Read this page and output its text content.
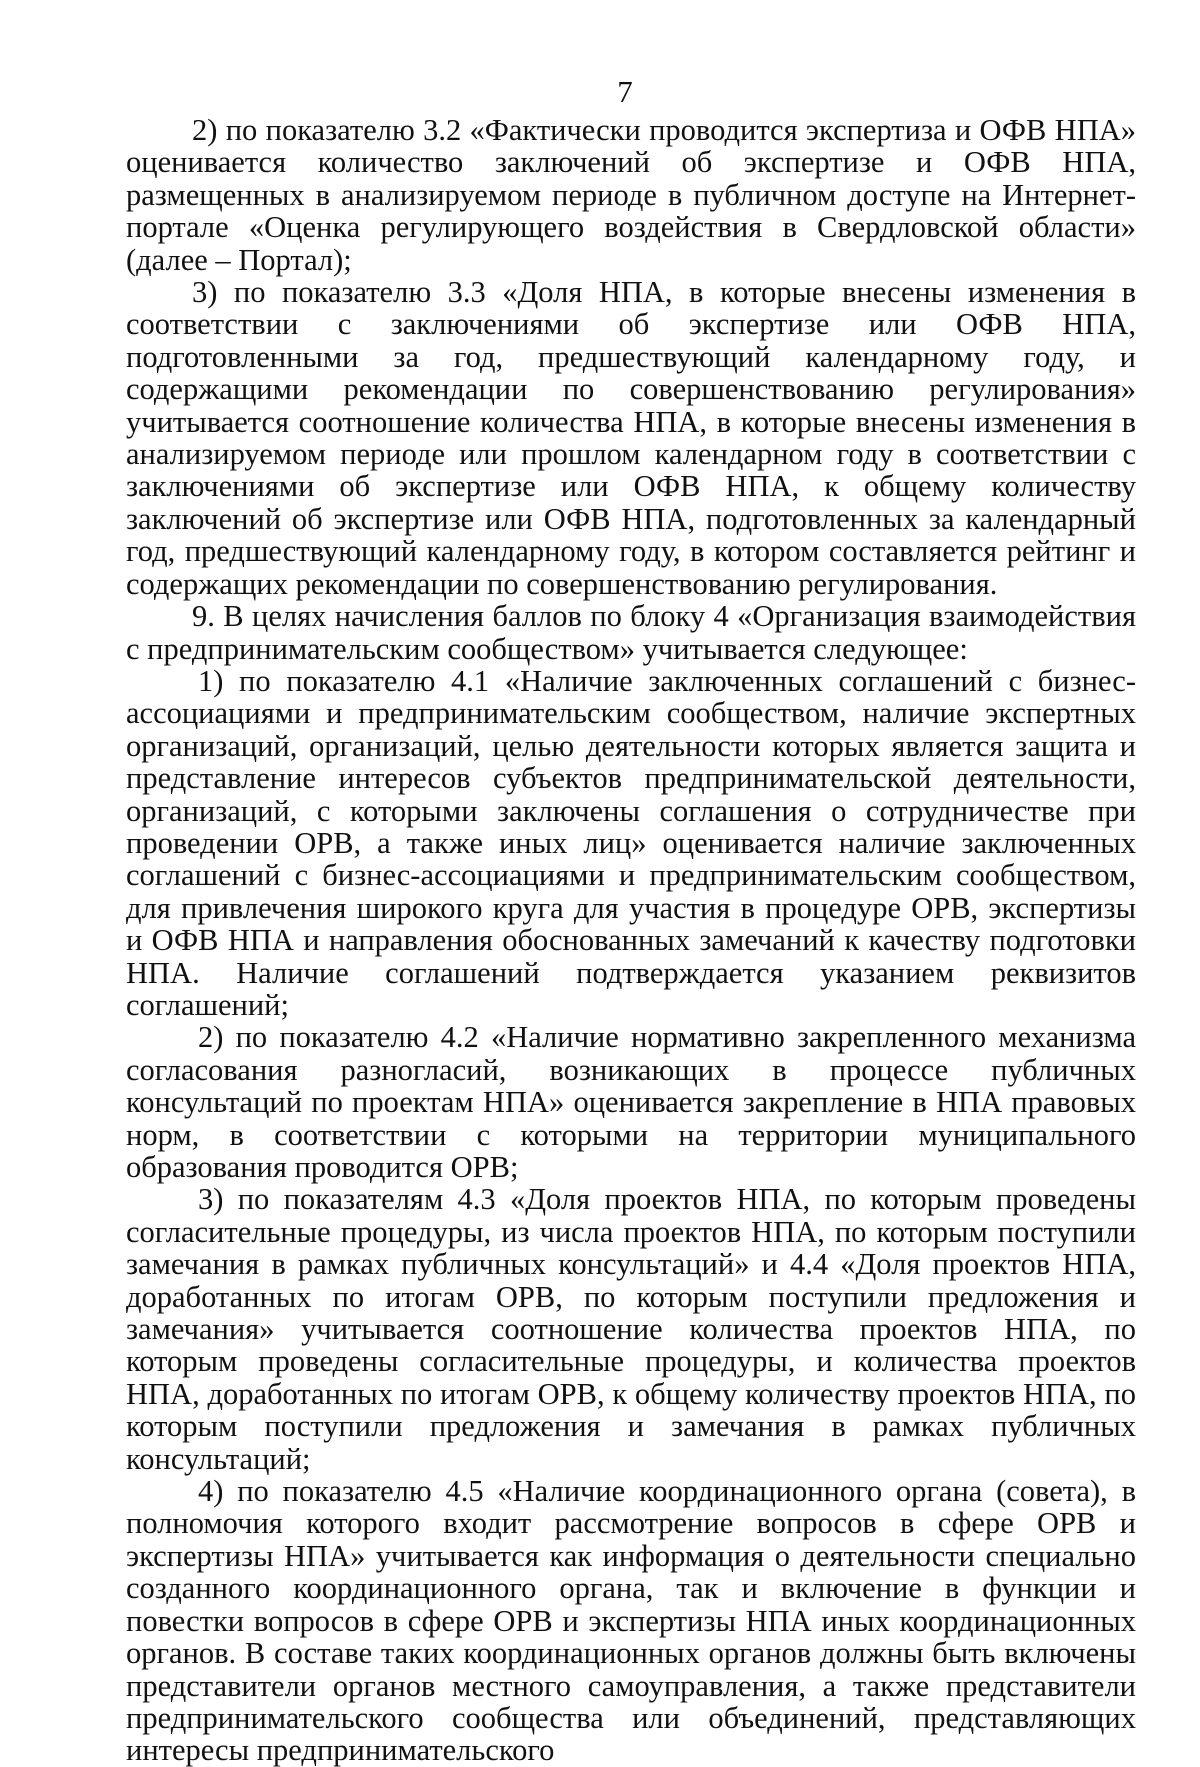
7

2) по показателю 3.2 «Фактически проводится экспертиза и ОФВ НПА» оценивается количество заключений об экспертизе и ОФВ НПА, размещенных в анализируемом периоде в публичном доступе на Интернет-портале «Оценка регулирующего воздействия в Свердловской области» (далее – Портал);

3) по показателю 3.3 «Доля НПА, в которые внесены изменения в соответствии с заключениями об экспертизе или ОФВ НПА, подготовленными за год, предшествующий календарному году, и содержащими рекомендации по совершенствованию регулирования» учитывается соотношение количества НПА, в которые внесены изменения в анализируемом периоде или прошлом календарном году в соответствии с заключениями об экспертизе или ОФВ НПА, к общему количеству заключений об экспертизе или ОФВ НПА, подготовленных за календарный год, предшествующий календарному году, в котором составляется рейтинг и содержащих рекомендации по совершенствованию регулирования.

9. В целях начисления баллов по блоку 4 «Организация взаимодействия с предпринимательским сообществом» учитывается следующее:

1) по показателю 4.1 «Наличие заключенных соглашений с бизнес-ассоциациями и предпринимательским сообществом, наличие экспертных организаций, организаций, целью деятельности которых является защита и представление интересов субъектов предпринимательской деятельности, организаций, с которыми заключены соглашения о сотрудничестве при проведении ОРВ, а также иных лиц» оценивается наличие заключенных соглашений с бизнес-ассоциациями и предпринимательским сообществом, для привлечения широкого круга для участия в процедуре ОРВ, экспертизы и ОФВ НПА и направления обоснованных замечаний к качеству подготовки НПА. Наличие соглашений подтверждается указанием реквизитов соглашений;

2) по показателю 4.2 «Наличие нормативно закрепленного механизма согласования разногласий, возникающих в процессе публичных консультаций по проектам НПА» оценивается закрепление в НПА правовых норм, в соответствии с которыми на территории муниципального образования проводится ОРВ;

3) по показателям 4.3 «Доля проектов НПА, по которым проведены согласительные процедуры, из числа проектов НПА, по которым поступили замечания в рамках публичных консультаций» и 4.4 «Доля проектов НПА, доработанных по итогам ОРВ, по которым поступили предложения и замечания» учитывается соотношение количества проектов НПА, по которым проведены согласительные процедуры, и количества проектов НПА, доработанных по итогам ОРВ, к общему количеству проектов НПА, по которым поступили предложения и замечания в рамках публичных консультаций;

4) по показателю 4.5 «Наличие координационного органа (совета), в полномочия которого входит рассмотрение вопросов в сфере ОРВ и экспертизы НПА» учитывается как информация о деятельности специально созданного координационного органа, так и включение в функции и повестки вопросов в сфере ОРВ и экспертизы НПА иных координационных органов. В составе таких координационных органов должны быть включены представители органов местного самоуправления, а также представители предпринимательского сообщества или объединений, представляющих интересы предпринимательского
